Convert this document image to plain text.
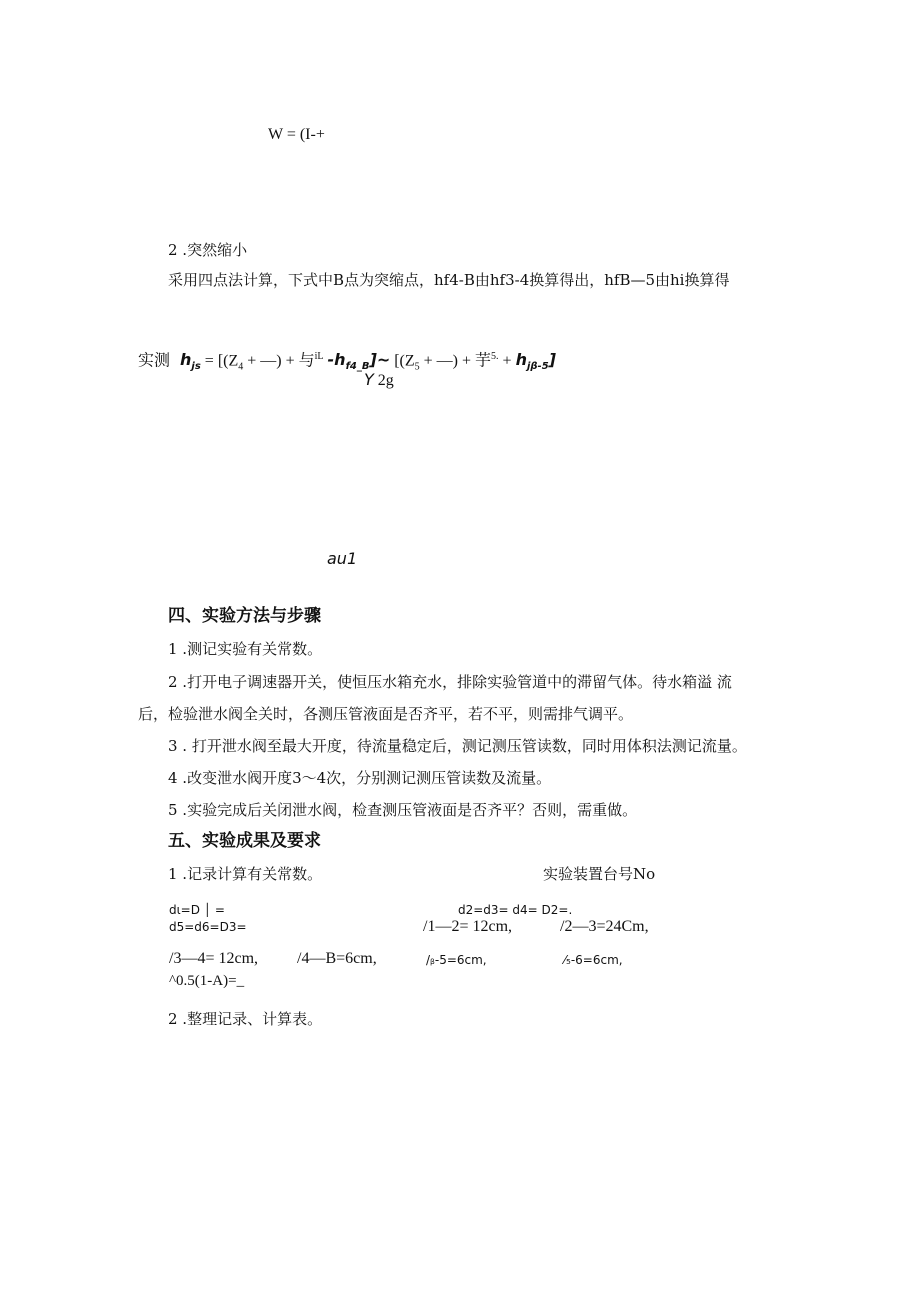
W = (I-+
2 .突然缩小
采用四点法计算，下式中B点为突缩点，hf4-B由hf3-4换算得出，hfB—5由hi换算得
实测 $h_{js} = [(Z_4$ + —) + 与$^{iL}$ $-h_{f4\_B}]\sim$ [($Z_5$ + —) + 芋$^{5.} + h_{j\beta-5}$]
Y 2g
au1
四、实验方法与步骤
1 .测记实验有关常数。
2 .打开电子调速器开关，使恒压水箱充水，排除实验管道中的滞留气体。待水箱溢 流
后，检验泄水阀全关时，各测压管液面是否齐平，若不平，则需排气调平。
3 . 打开泄水阀至最大开度，待流量稳定后，测记测压管读数，同时用体积法测记流量。
4 .改变泄水阀开度3～4次，分别测记测压管读数及流量。
5 .实验完成后关闭泄水阀，检查测压管液面是否齐平？否则，需重做。
五、实验成果及要求
1 .记录计算有关常数。	实验装置台号No
dι=D │ =	d2=d3= d4= D2=.
d5=d6=D3=	/1—2= 12cm,	/2—3=24Cm,
/3—4= 12cm, /4—B=6cm,	/ᵦ-5=6cm,	⁄₅-6=6cm,
^0.5(1-A)=_
2 .整理记录、计算表。
